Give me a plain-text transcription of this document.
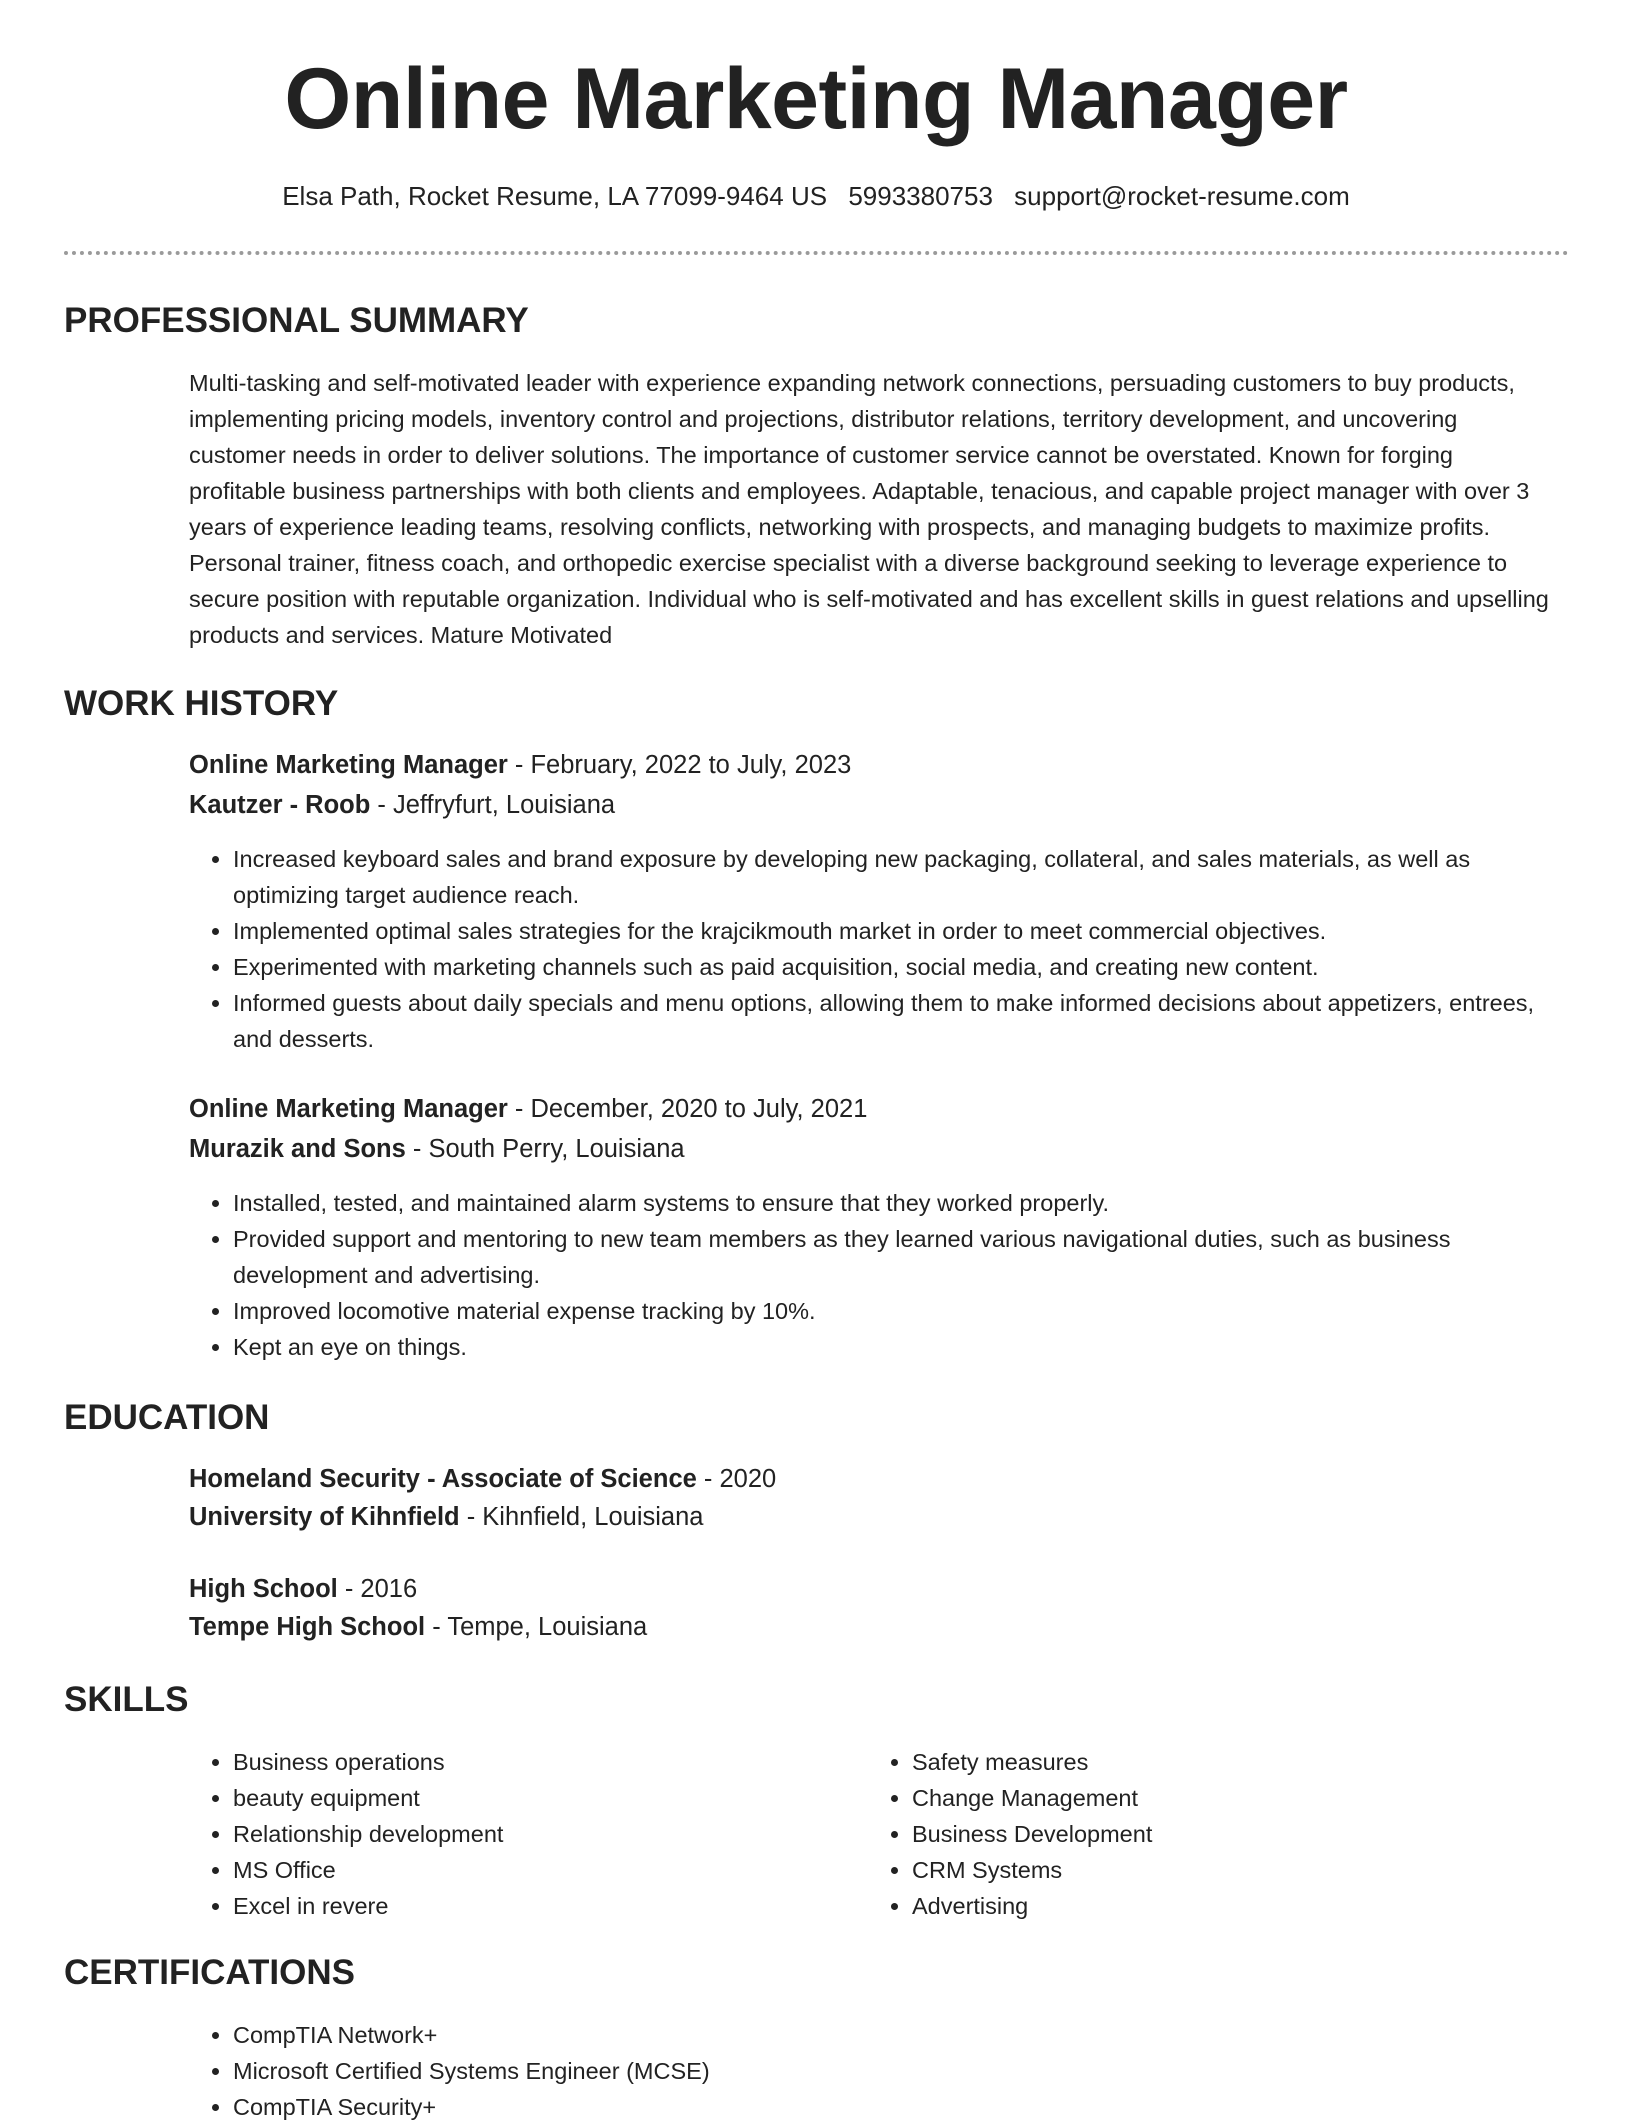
Online Marketing Manager
Elsa Path, Rocket Resume, LA 77099-9464 US 5993380753 support@rocket-resume.com
PROFESSIONAL SUMMARY

Multi-tasking and self-motivated leader with experience expanding network connections, persuading customers to buy products, implementing pricing models, inventory control and projections, distributor relations, territory development, and uncovering customer needs in order to deliver solutions. The importance of customer service cannot be overstated. Known for forging profitable business partnerships with both clients and employees. Adaptable, tenacious, and capable project manager with over 3 years of experience leading teams, resolving conflicts, networking with prospects, and managing budgets to maximize profits. Personal trainer, fitness coach, and orthopedic exercise specialist with a diverse background seeking to leverage experience to secure position with reputable organization. Individual who is self-motivated and has excellent skills in guest relations and upselling products and services. Mature Motivated

WORK HISTORY
Online Marketing Manager - February, 2022 to July, 2023
Kautzer - Roob - Jeffryfurt, Louisiana
• Increased keyboard sales and brand exposure by developing new packaging, collateral, and sales materials, as well as optimizing target audience reach.
• Implemented optimal sales strategies for the krajcikmouth market in order to meet commercial objectives.
• Experimented with marketing channels such as paid acquisition, social media, and creating new content.
• Informed guests about daily specials and menu options, allowing them to make informed decisions about appetizers, entrees, and desserts.
Online Marketing Manager - December, 2020 to July, 2021
Murazik and Sons - South Perry, Louisiana
• Installed, tested, and maintained alarm systems to ensure that they worked properly.
• Provided support and mentoring to new team members as they learned various navigational duties, such as business development and advertising.
• Improved locomotive material expense tracking by 10%.
• Kept an eye on things.
EDUCATION
Homeland Security - Associate of Science - 2020
University of Kihnfield - Kihnfield, Louisiana
High School - 2016
Tempe High School - Tempe, Louisiana
SKILLS
• Business operations
• beauty equipment
• Relationship development
• MS Office
• Excel in revere
• Safety measures
• Change Management
• Business Development
• CRM Systems
• Advertising
CERTIFICATIONS
• CompTIA Network+
• Microsoft Certified Systems Engineer (MCSE)
• CompTIA Security+
